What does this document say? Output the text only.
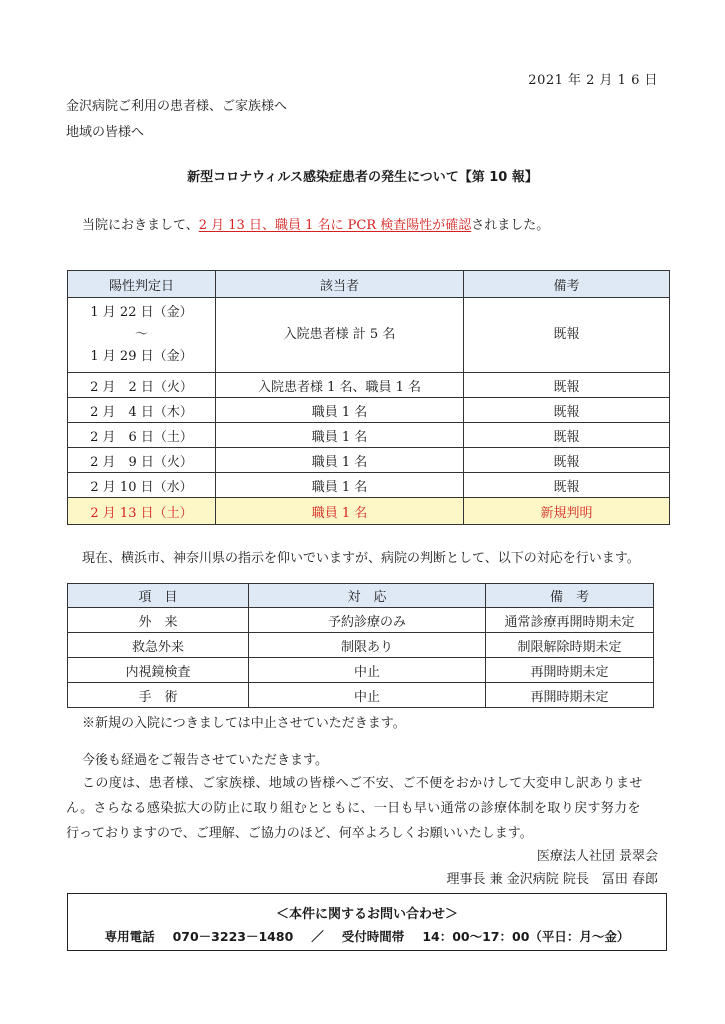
2021 年 2 月 1 6 日
金沢病院ご利用の患者様、ご家族様へ
地域の皆様へ
新型コロナウィルス感染症患者の発生について【第 10 報】
当院におきまして、2 月 13 日、職員 1 名に PCR 検査陽性が確認されました。
陽性判定日	該当者	備考

1 月 22 日（金）
～
1 月 29 日（金）	入院患者様 計 5 名	既報
2 月　2 日（火）	入院患者様 1 名、職員 1 名	既報
2 月　4 日（木）	職員 1 名	既報
2 月　6 日（土）	職員 1 名	既報
2 月　9 日（火）	職員 1 名	既報
2 月 10 日（水）	職員 1 名	既報
2 月 13 日（土）	職員 1 名	新規判明
現在、横浜市、神奈川県の指示を仰いでいますが、病院の判断として、以下の対応を行います。
項　目	対　応	備　考
外　来	予約診療のみ	通常診療再開時期未定
救急外来	制限あり	制限解除時期未定
内視鏡検査	中止	再開時期未定
手　術	中止	再開時期未定
※新規の入院につきましては中止させていただきます。
今後も経過をご報告させていただきます。
この度は、患者様、ご家族様、地域の皆様へご不安、ご不便をおかけして大変申し訳ありませ
ん。さらなる感染拡大の防止に取り組むとともに、一日も早い通常の診療体制を取り戻す努力を
行っておりますので、ご理解、ご協力のほど、何卒よろしくお願いいたします。
医療法人社団 景翠会
理事長 兼 金沢病院 院長　冨田 春郎
＜本件に関するお問い合わせ＞
専用電話 070－3223－1480 ／ 受付時間帯 14：00～17：00（平日：月～金）
